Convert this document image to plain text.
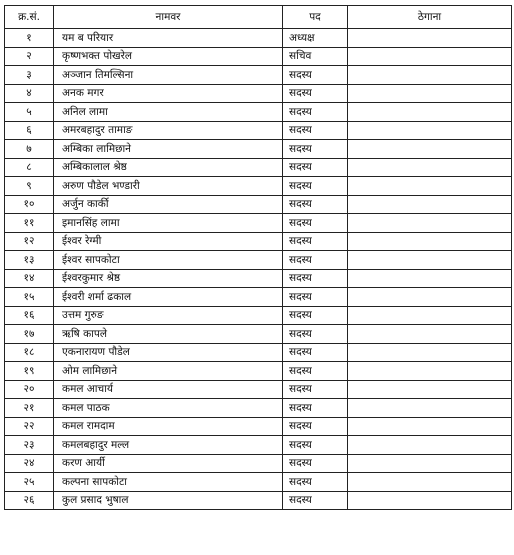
क्र.सं.	नामवर	पद	ठेगाना
१	यम ब परियार	अध्यक्ष	
२	कृष्णभक्त पोखरेल	सचिव	
३	अञ्जान तिमल्सिना	सदस्य	
४	अनक मगर	सदस्य	
५	अनिल लामा	सदस्य	
६	अमरबहादुर तामाङ	सदस्य	
७	अम्बिका लामिछाने	सदस्य	
८	अम्बिकालाल श्रेष्ठ	सदस्य	
९	अरुण पौडेल भण्डारी	सदस्य	
१०	अर्जुन कार्की	सदस्य	
११	इमानसिंह लामा	सदस्य	
१२	ईश्वर रेग्मी	सदस्य	
१३	ईश्वर सापकोटा	सदस्य	
१४	ईश्वरकुमार श्रेष्ठ	सदस्य	
१५	ईश्वरी शर्मा ढकाल	सदस्य	
१६	उत्तम गुरुङ	सदस्य	
१७	ऋषि कापले	सदस्य	
१८	एकनारायण पौडेल	सदस्य	
१९	ओम लामिछाने	सदस्य	
२०	कमल आचार्य	सदस्य	
२१	कमल पाठक	सदस्य	
२२	कमल रामदाम	सदस्य	
२३	कमलबहादुर मल्ल	सदस्य	
२४	करण आर्यी	सदस्य	
२५	कल्पना सापकोटा	सदस्य	
२६	कुल प्रसाद भुषाल	सदस्य	
